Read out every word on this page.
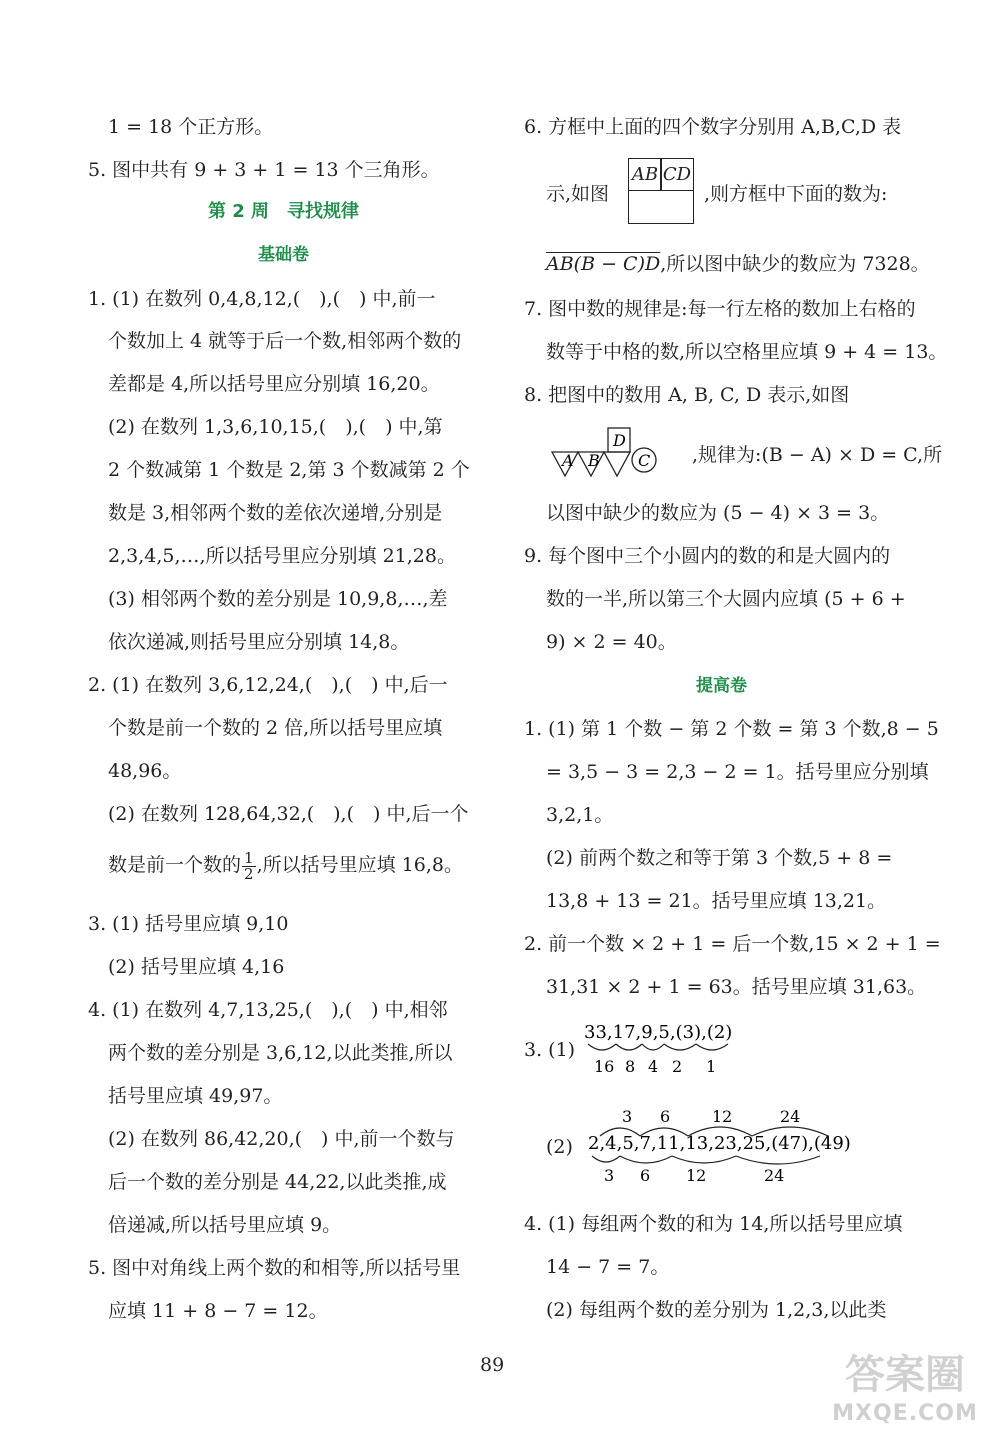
1 = 18 个正方形。
5. 图中共有 9 + 3 + 1 = 13 个三角形。
第 2 周　寻找规律
基础卷
1. (1) 在数列 0,4,8,12,(　),(　) 中,前一
个数加上 4 就等于后一个数,相邻两个数的
差都是 4,所以括号里应分别填 16,20。
(2) 在数列 1,3,6,10,15,(　),(　) 中,第
2 个数减第 1 个数是 2,第 3 个数减第 2 个
数是 3,相邻两个数的差依次递增,分别是
2,3,4,5,…,所以括号里应分别填 21,28。
(3) 相邻两个数的差分别是 10,9,8,…,差
依次递减,则括号里应分别填 14,8。
2. (1) 在数列 3,6,12,24,(　),(　) 中,后一
个数是前一个数的 2 倍,所以括号里应填
48,96。
(2) 在数列 128,64,32,(　),(　) 中,后一个
数是前一个数的 $\frac{1}{2}$ ,所以括号里应填 16,8。
3. (1) 括号里应填 9,10
(2) 括号里应填 4,16
4. (1) 在数列 4,7,13,25,(　),(　) 中,相邻
两个数的差分别是 3,6,12,以此类推,所以
括号里应填 49,97。
(2) 在数列 86,42,20,(　) 中,前一个数与
后一个数的差分别是 44,22,以此类推,成
倍递减,所以括号里应填 9。
5. 图中对角线上两个数的和相等,所以括号里
应填 11 + 8 − 7 = 12。
6. 方框中上面的四个数字分别用 A,B,C,D 表
示,如图
AB CD
,则方框中下面的数为:
AB(B − C)D,所以图中缺少的数应为 7328。
7. 图中数的规律是:每一行左格的数加上右格的
数等于中格的数,所以空格里应填 9 + 4 = 13。
8. 把图中的数用 A, B, C, D 表示,如图
A B
D
C ,规律为:(B − A) × D = C,所
以图中缺少的数应为 (5 − 4) × 3 = 3。
9. 每个图中三个小圆内的数的和是大圆内的
数的一半,所以第三个大圆内应填 (5 + 6 +
9) × 2 = 40。
提高卷
1. (1) 第 1 个数 − 第 2 个数 = 第 3 个数,8 − 5
= 3,5 − 3 = 2,3 − 2 = 1。括号里应分别填
3,2,1。
(2) 前两个数之和等于第 3 个数,5 + 8 =
13,8 + 13 = 21。括号里应填 13,21。
2. 前一个数 × 2 + 1 = 后一个数,15 × 2 + 1 =
31,31 × 2 + 1 = 63。括号里应填 31,63。
3. (1)
33,17,9,5,(3),(2)
16 8 4 2 1
(2)
3 6	12	24
2,4,5,7,11,13,23,25,(47),(49)
3 6 12	24
4. (1) 每组两个数的和为 14,所以括号里应填
14 − 7 = 7。
(2) 每组两个数的差分别为 1,2,3,以此类
89	答案圈
MXQE.COM
